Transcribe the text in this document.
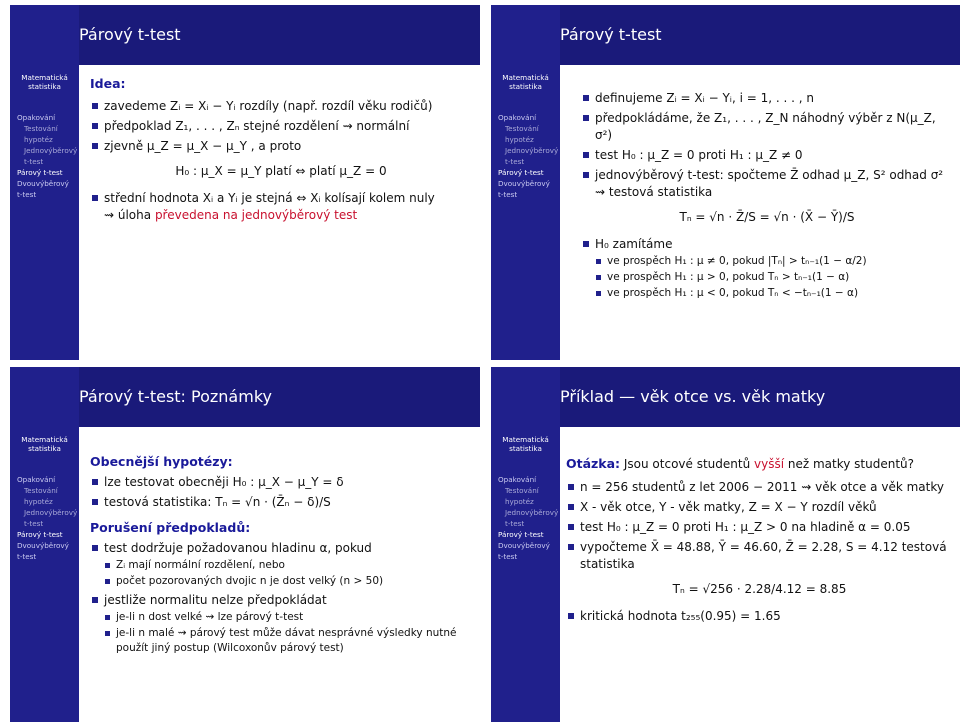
Párový t-test
Matematická
statistika
Opakování
Testování
hypotéz
Jednovýběrový
t-test
Párový t-test
Dvouvýběrový
t-test
Idea:
zavedeme Zᵢ = Xᵢ − Yᵢ rozdíly (např. rozdíl věku rodičů)
předpoklad Z₁, . . . , Zₙ stejné rozdělení ⇝ normální
zjevně μ_Z = μ_X − μ_Y , a proto
H₀ : μ_X = μ_Y platí ⇔ platí μ_Z = 0
střední hodnota Xᵢ a Yᵢ je stejná ⇔ Xᵢ kolísají kolem nuly
⇝ úloha převedena na jednovýběrový test
Párový t-test
Matematická
statistika
Opakování
Testování
hypotéz
Jednovýběrový
t-test
Párový t-test
Dvouvýběrový
t-test
definujeme Zᵢ = Xᵢ − Yᵢ, i = 1, . . . , n
předpokládáme, že Z₁, . . . , Z_N náhodný výběr z N(μ_Z, σ²)
test H₀ : μ_Z = 0 proti H₁ : μ_Z ≠ 0
jednovýběrový t-test: spočteme Z̄ odhad μ_Z, S² odhad σ² ⇝ testová statistika
Tₙ = √n · Z̄/S = √n · (X̄ − Ȳ)/S
H₀ zamítáme
ve prospěch H₁ : μ ≠ 0, pokud |Tₙ| > tₙ₋₁(1 − α/2)
ve prospěch H₁ : μ > 0, pokud Tₙ > tₙ₋₁(1 − α)
ve prospěch H₁ : μ < 0, pokud Tₙ < −tₙ₋₁(1 − α)
Párový t-test: Poznámky
Matematická
statistika
Opakování
Testování
hypotéz
Jednovýběrový
t-test
Párový t-test
Dvouvýběrový
t-test
Obecnější hypotézy:
lze testovat obecněji H₀ : μ_X − μ_Y = δ
testová statistika: Tₙ = √n · (Z̄ₙ − δ)/S
Porušení předpokladů:
test dodržuje požadovanou hladinu α, pokud
Zᵢ mají normální rozdělení, nebo
počet pozorovaných dvojic n je dost velký (n > 50)
jestliže normalitu nelze předpokládat
je-li n dost velké ⇝ lze párový t-test
je-li n malé ⇝ párový test může dávat nesprávné výsledky nutné použít jiný postup (Wilcoxonův párový test)
Příklad — věk otce vs. věk matky
Matematická
statistika
Opakování
Testování
hypotéz
Jednovýběrový
t-test
Párový t-test
Dvouvýběrový
t-test
Otázka: Jsou otcové studentů vyšší než matky studentů?
n = 256 studentů z let 2006 − 2011 ⇝ věk otce a věk matky
X - věk otce, Y - věk matky, Z = X − Y rozdíl věků
test H₀ : μ_Z = 0 proti H₁ : μ_Z > 0 na hladině α = 0.05
vypočteme X̄ = 48.88, Ȳ = 46.60, Z̄ = 2.28, S = 4.12 testová statistika
Tₙ = √256 · 2.28/4.12 = 8.85
kritická hodnota t₂₅₅(0.95) = 1.65
